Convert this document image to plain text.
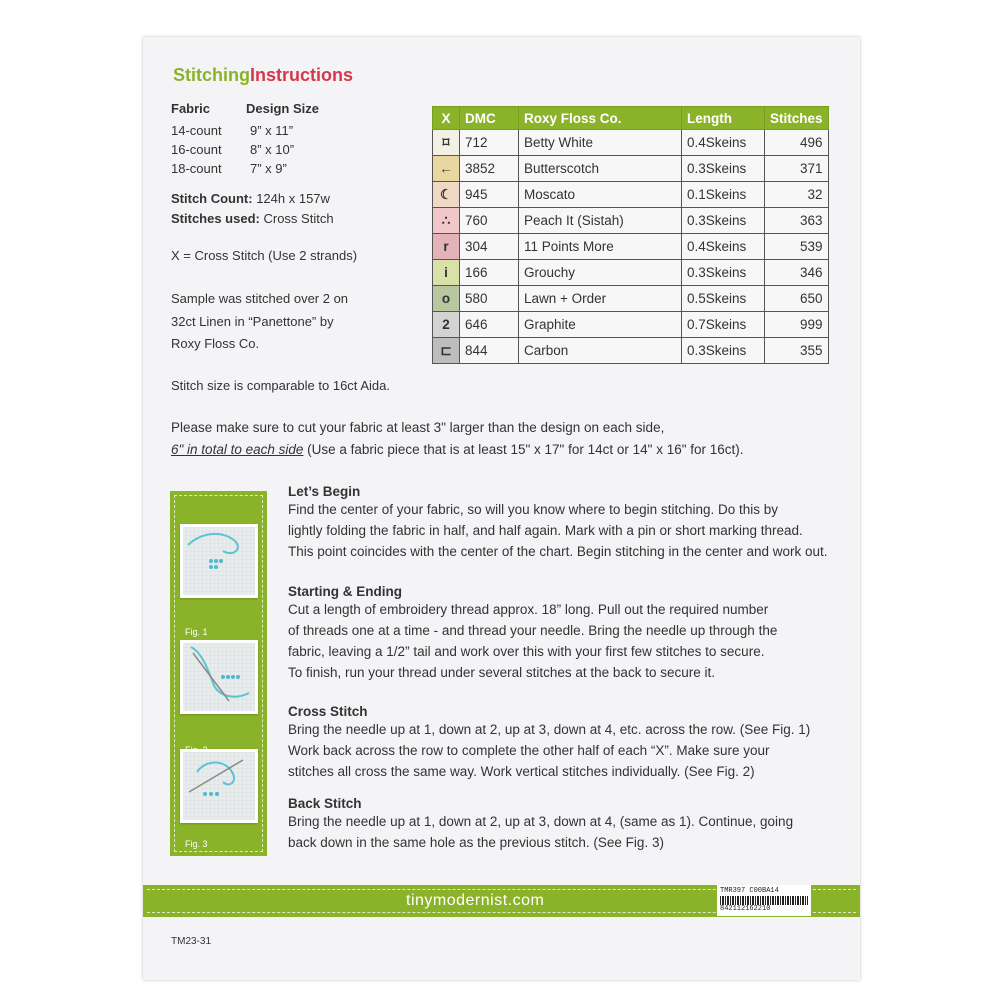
StitchingInstructions
Fabric	Design Size
14-count 9” x 11”
16-count 8” x 10”
18-count 7” x 9”
Stitch Count: 124h x 157w
Stitches used: Cross Stitch
X = Cross Stitch (Use 2 strands)
Sample was stitched over 2 on
32ct Linen in “Panettone” by
Roxy Floss Co.
Stitch size is comparable to 16ct Aida.
Please make sure to cut your fabric at least 3" larger than the design on each side,
6" in total to each side (Use a fabric piece that is at least 15" x 17" for 14ct or 14" x 16" for 16ct).
X	DMC	Roxy Floss Co.	Length	Stitches
⌑	712	Betty White	0.4Skeins	496
←	3852	Butterscotch	0.3Skeins	371
☾	945	Moscato	0.1Skeins	32
∴	760	Peach It (Sistah)	0.3Skeins	363
r	304	11 Points More	0.4Skeins	539
i	166	Grouchy	0.3Skeins	346
o	580	Lawn + Order	0.5Skeins	650
2	646	Graphite	0.7Skeins	999
⊏	844	Carbon	0.3Skeins	355
Fig. 1
Fig. 3
Let’s Begin
Find the center of your fabric, so will you know where to begin stitching. Do this by
lightly folding the fabric in half, and half again. Mark with a pin or short marking thread.
This point coincides with the center of the chart. Begin stitching in the center and work out.
Starting & Ending
Cut a length of embroidery thread approx. 18” long. Pull out the required number
of threads one at a time - and thread your needle. Bring the needle up through the
fabric, leaving a 1/2” tail and work over this with your first few stitches to secure.
To finish, run your thread under several stitches at the back to secure it.
Cross Stitch
Bring the needle up at 1, down at 2, up at 3, down at 4, etc. across the row. (See Fig. 1)
Work back across the row to complete the other half of each “X”. Make sure your
stitches all cross the same way. Work vertical stitches individually. (See Fig. 2)
Back Stitch
Bring the needle up at 1, down at 2, up at 3, down at 4, (same as 1). Continue, going
back down in the same hole as the previous stitch. (See Fig. 3)
tinymodernist.com
TMR397 C00BA14
842112162210
TM23-31
